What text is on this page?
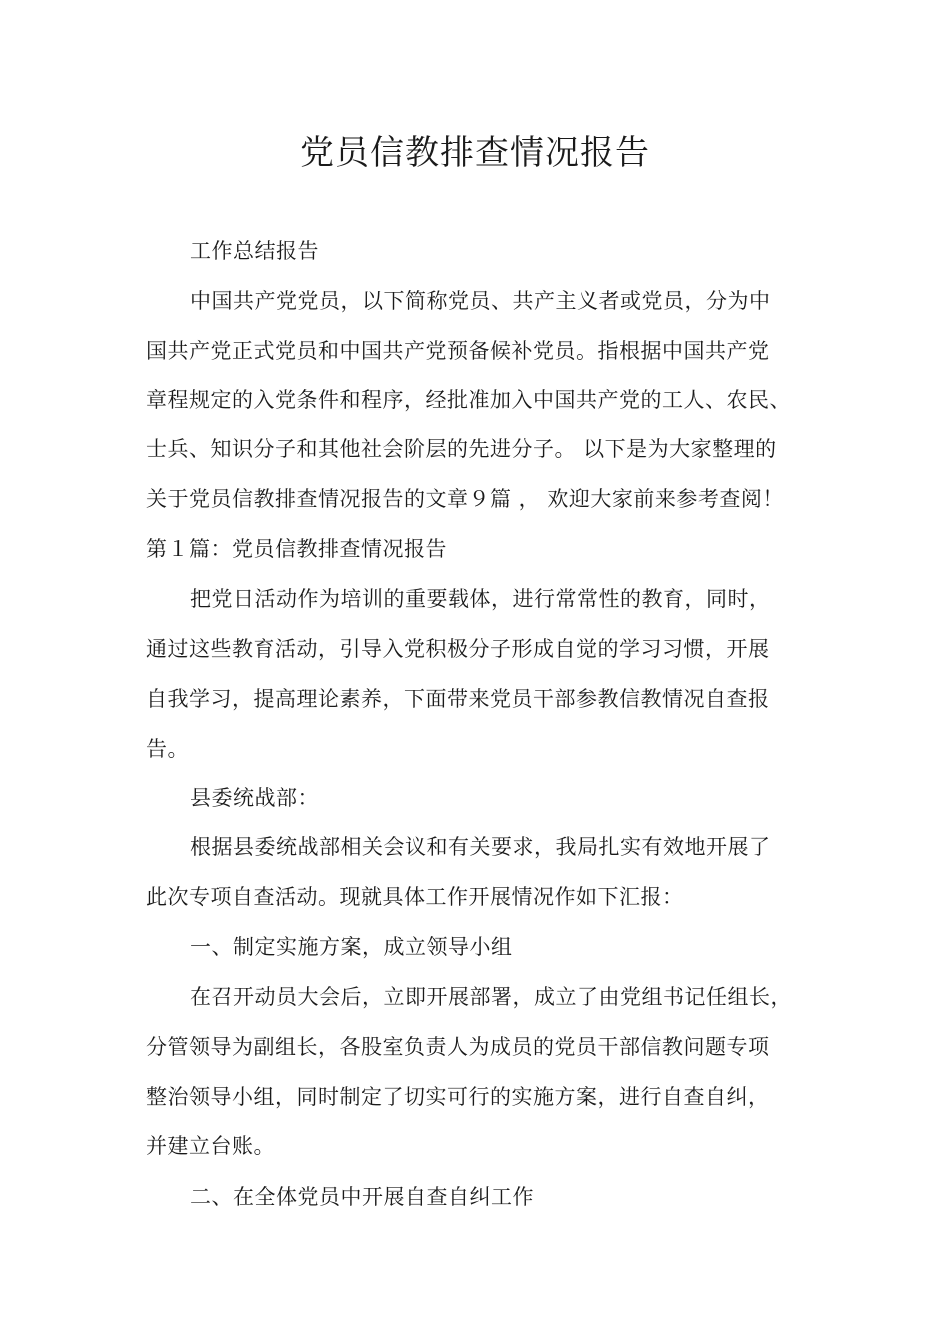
党员信教排查情况报告
工作总结报告
中国共产党党员，以下简称党员、共产主义者或党员，分为中
国共产党正式党员和中国共产党预备候补党员。指根据中国共产党
章程规定的入党条件和程序，经批准加入中国共产党的工人、农民、
士兵、知识分子和其他社会阶层的先进分子。 以下是为大家整理的
关于党员信教排查情况报告的文章９篇 ， 欢迎大家前来参考查阅！
第１篇：党员信教排查情况报告
把党日活动作为培训的重要载体，进行常常性的教育，同时，
通过这些教育活动，引导入党积极分子形成自觉的学习习惯，开展
自我学习，提高理论素养，下面带来党员干部参教信教情况自查报
告。
县委统战部：
根据县委统战部相关会议和有关要求，我局扎实有效地开展了
此次专项自查活动。现就具体工作开展情况作如下汇报：
一、制定实施方案，成立领导小组
在召开动员大会后，立即开展部署，成立了由党组书记任组长，
分管领导为副组长，各股室负责人为成员的党员干部信教问题专项
整治领导小组，同时制定了切实可行的实施方案，进行自查自纠，
并建立台账。
二、在全体党员中开展自查自纠工作
